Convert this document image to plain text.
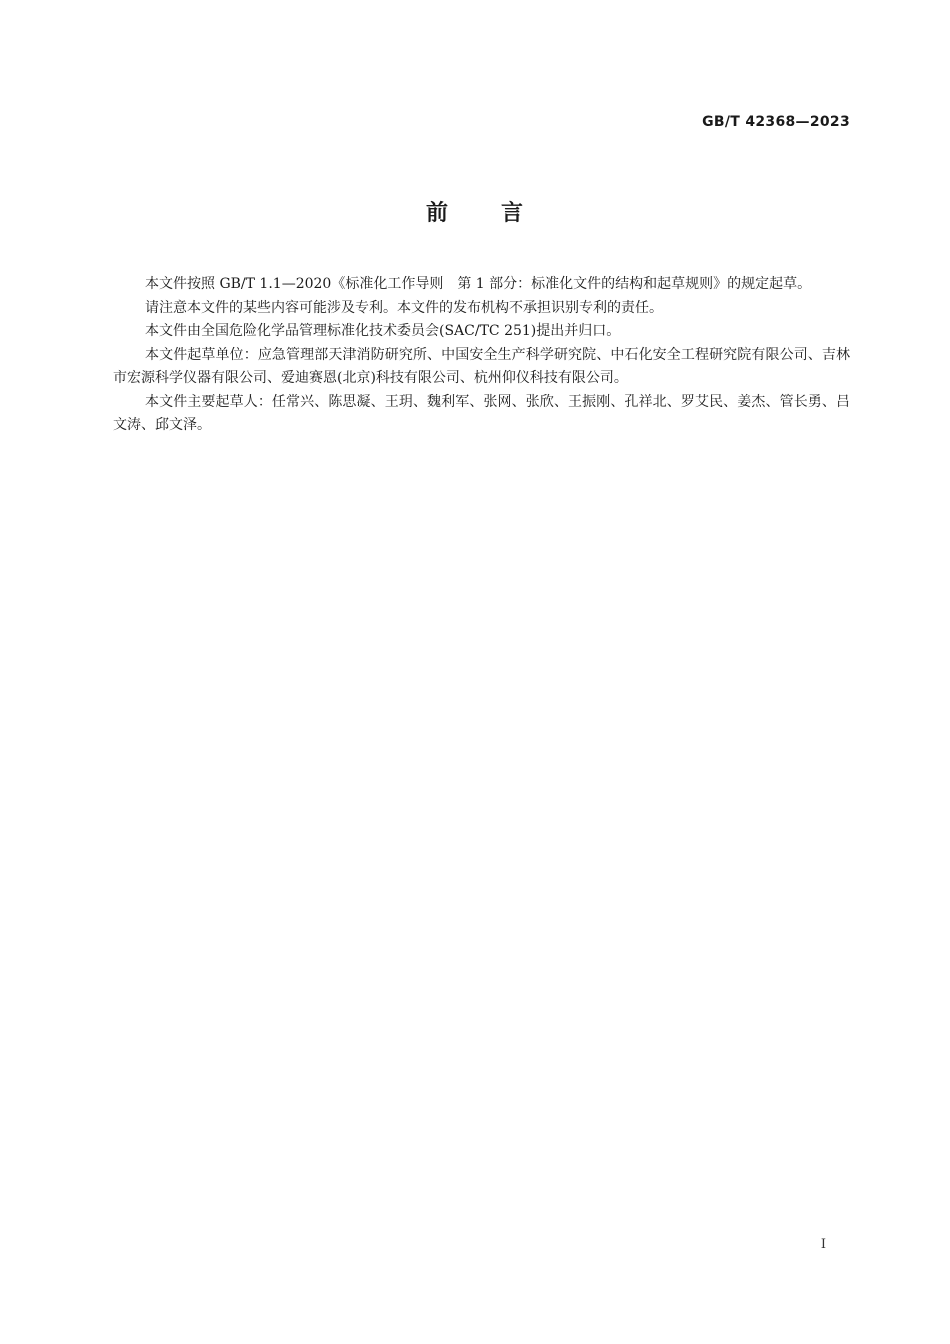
GB/T 42368—2023
前 言

本文件按照 GB/T 1.1—2020《标准化工作导则　第 1 部分：标准化文件的结构和起草规则》的规定起草。

请注意本文件的某些内容可能涉及专利。本文件的发布机构不承担识别专利的责任。

本文件由全国危险化学品管理标准化技术委员会(SAC/TC 251)提出并归口。

本文件起草单位：应急管理部天津消防研究所、中国安全生产科学研究院、中石化安全工程研究院有限公司、吉林市宏源科学仪器有限公司、爱迪赛恩(北京)科技有限公司、杭州仰仪科技有限公司。

本文件主要起草人：任常兴、陈思凝、王玥、魏利军、张网、张欣、王振刚、孔祥北、罗艾民、姜杰、管长勇、吕文涛、邱文泽。

I
